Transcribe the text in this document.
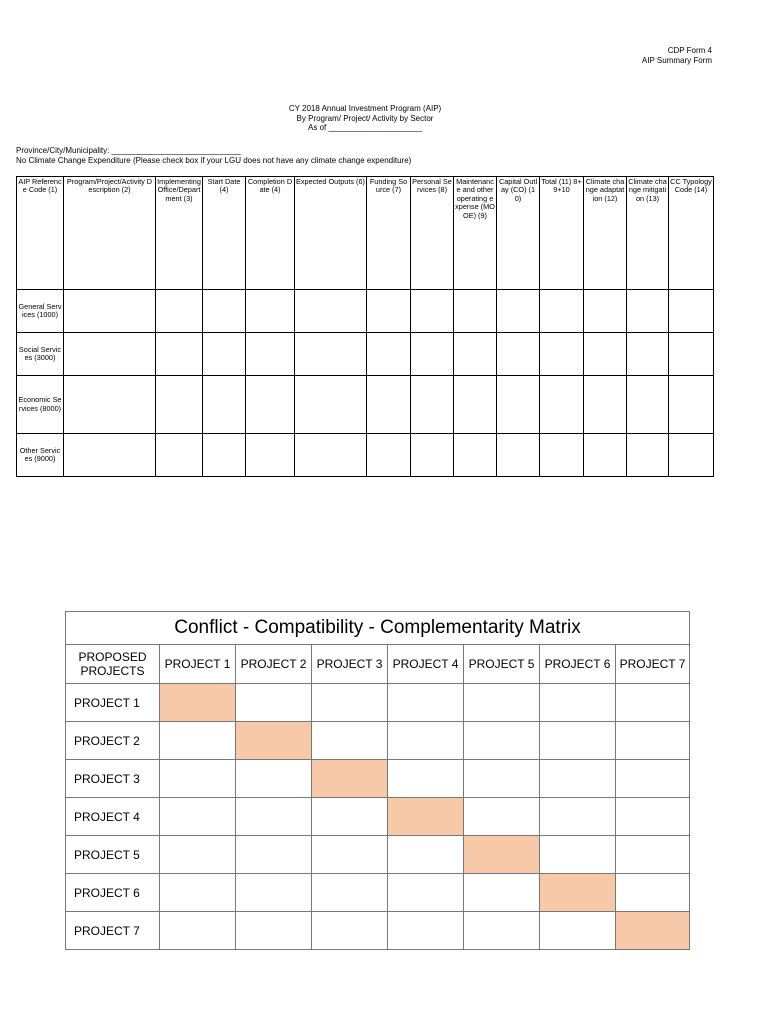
CDP Form 4
AIP Summary Form
CY 2018 Annual Investment Program (AIP)
By Program/ Project/ Activity by Sector
As of _____________________
Province/City/Municipality: _____________________________
No Climate Change Expenditure (Please check box if your LGU does not have any climate change expenditure)
AIP Reference Code (1)	Program/Project/Activity Description (2)	Implementing Office/Department (3)	Start Date (4)	Completion Date (4)	Expected Outputs (6)	Funding Source (7)	Personal Services (8)	Maintenance and other operating expense (MOOE) (9)	Capital Outlay (CO) (10)	Total (11) 8+9+10	Climate change adaptation (12)	Climate change mitigation (13)	CC Typology Code (14)
General Services (1000)													
Social Services (3000)													
Economic Services (8000)													
Other Services (9000)													
Conflict - Compatibility - Complementarity Matrix							
PROPOSED PROJECTS	PROJECT 1	PROJECT 2	PROJECT 3	PROJECT 4	PROJECT 5	PROJECT 6	PROJECT 7
PROJECT 1							
PROJECT 2							
PROJECT 3							
PROJECT 4							
PROJECT 5							
PROJECT 6							
PROJECT 7							
